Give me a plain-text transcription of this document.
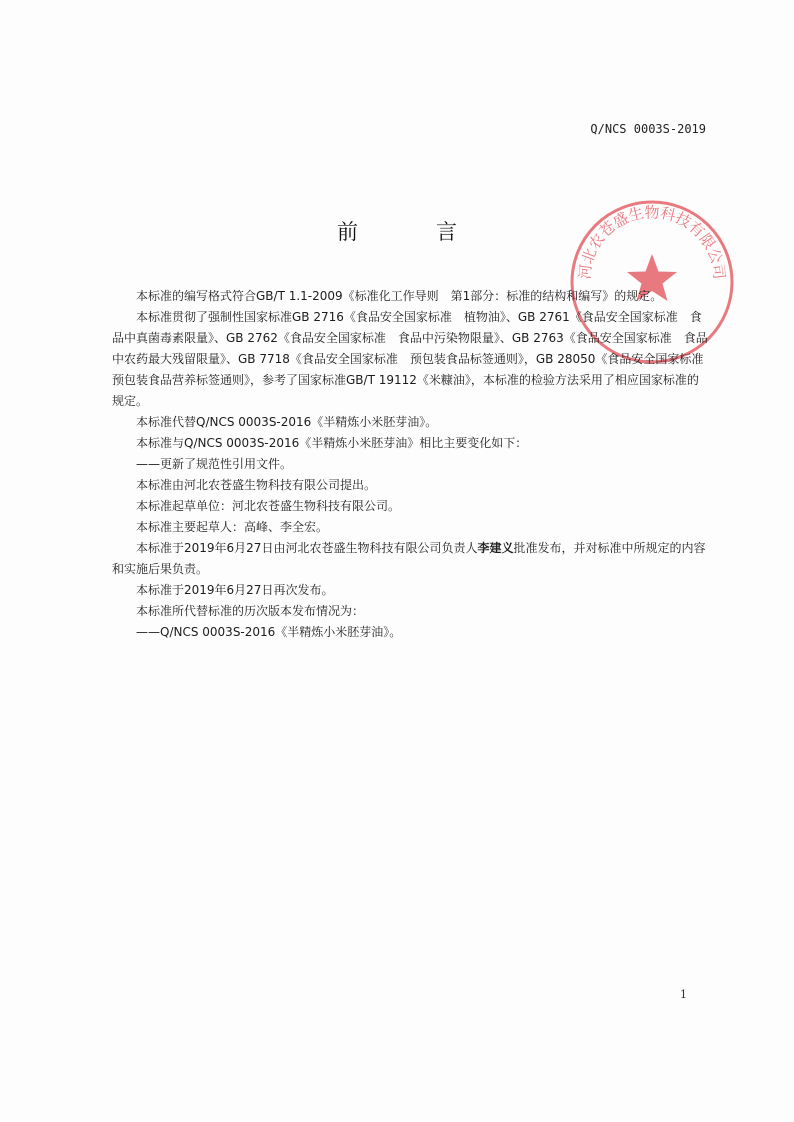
Q/NCS 0003S-2019
前	言
河北农苍盛生物科技有限公司

本标准的编写格式符合GB/T 1.1-2009《标准化工作导则　第1部分：标准的结构和编写》的规定。

本标准贯彻了强制性国家标准GB 2716《食品安全国家标准　植物油》、GB 2761《食品安全国家标准　食品中真菌毒素限量》、GB 2762《食品安全国家标准　食品中污染物限量》、GB 2763《食品安全国家标准　食品中农药最大残留限量》、GB 7718《食品安全国家标准　预包装食品标签通则》，GB 28050《食品安全国家标准　预包装食品营养标签通则》，参考了国家标准GB/T 19112《米糠油》，本标准的检验方法采用了相应国家标准的规定。

本标准代替Q/NCS 0003S-2016《半精炼小米胚芽油》。

本标准与Q/NCS 0003S-2016《半精炼小米胚芽油》相比主要变化如下：

——更新了规范性引用文件。

本标准由河北农苍盛生物科技有限公司提出。

本标准起草单位：河北农苍盛生物科技有限公司。

本标准主要起草人：高峰、李全宏。

本标准于2019年6月27日由河北农苍盛生物科技有限公司负责人李建义批准发布，并对标准中所规定的内容和实施后果负责。

本标准于2019年6月27日再次发布。

本标准所代替标准的历次版本发布情况为：

——Q/NCS 0003S-2016《半精炼小米胚芽油》。

1
